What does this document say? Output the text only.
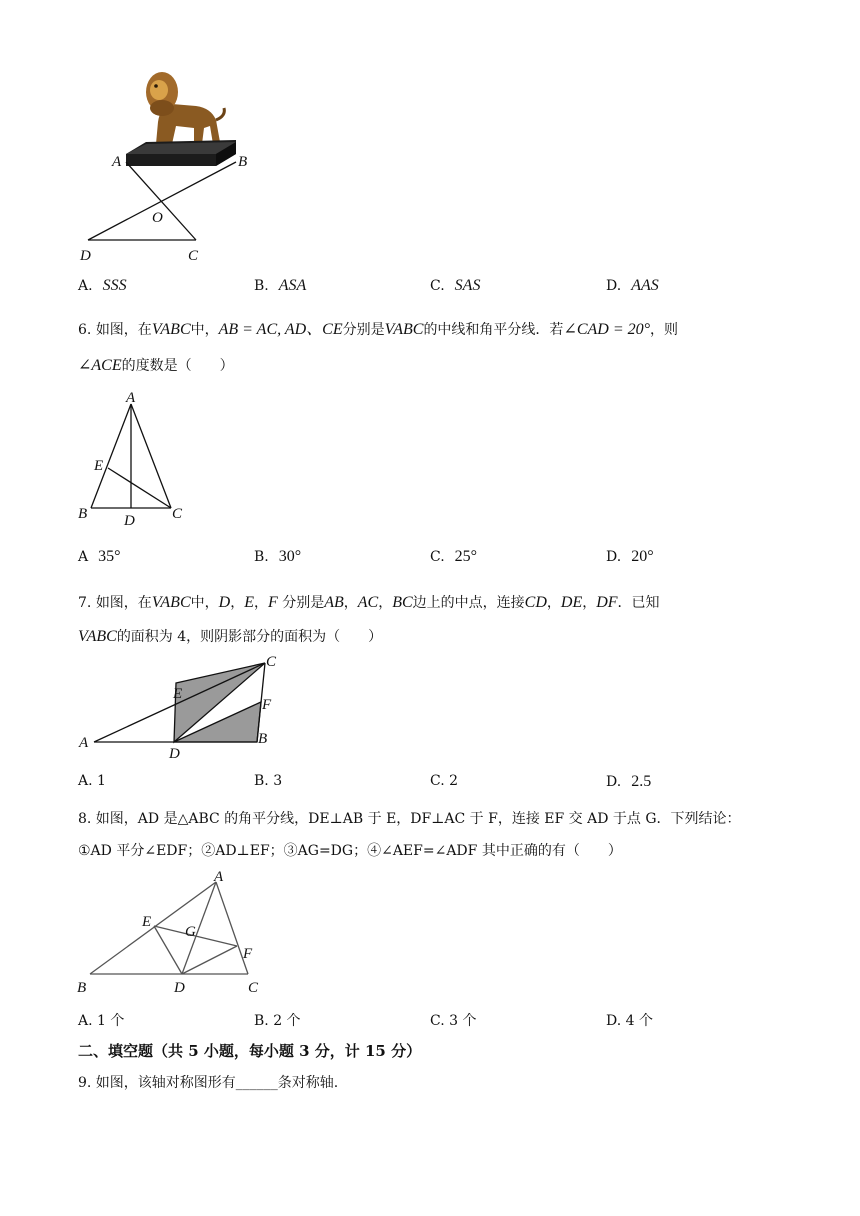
A	B
O
D	C
A. SSS	B. ASA	C. SAS	D. AAS
6. 如图，在VABC中，AB = AC, AD、CE分别是VABC的中线和角平分线．若∠CAD = 20°，则
∠ACE的度数是（　　）
A
E
B D C
A 35°	B. 30°	C. 25°	D. 20°
7. 如图，在VABC中，D，E，F 分别是AB，AC，BC边上的中点，连接CD，DE，DF．已知
VABC的面积为 4，则阴影部分的面积为（　　）
C
E
F
A
D
B
A. 1	B. 3	C. 2	D. 2.5
8. 如图，AD 是△ABC 的角平分线，DE⊥AB 于 E，DF⊥AC 于 F，连接 EF 交 AD 于点 G．下列结论：
①AD 平分∠EDF；②AD⊥EF；③AG=DG；④∠AEF=∠ADF 其中正确的有（　　）
A
E
G
F
B	D	C
A. 1 个	B. 2 个	C. 3 个	D. 4 个
二、填空题（共 5 小题，每小题 3 分，计 15 分）
9. 如图，该轴对称图形有______条对称轴.
